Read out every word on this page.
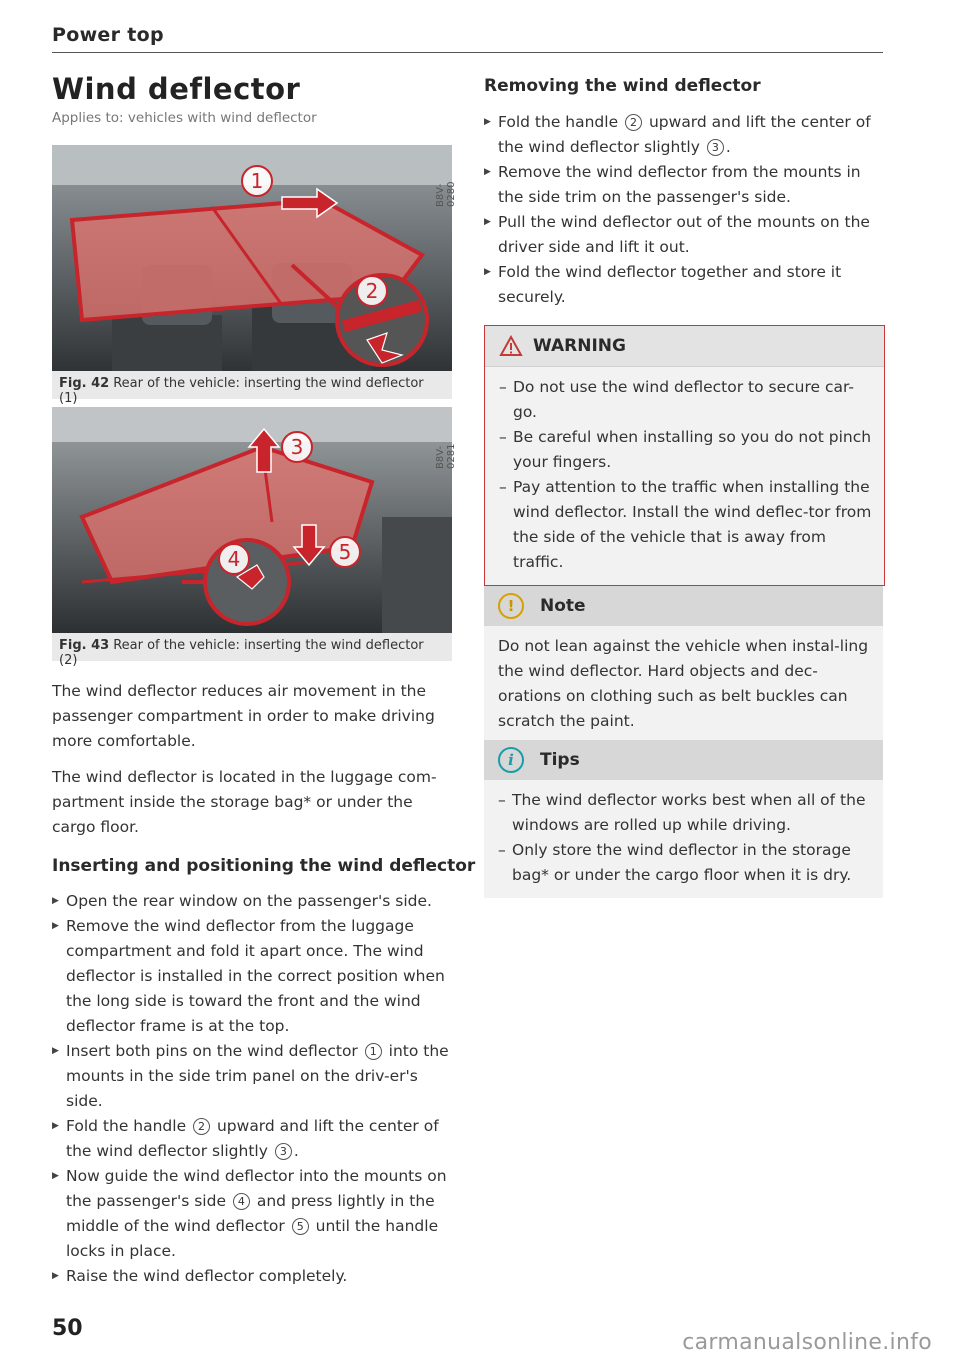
Power top
Wind deflector
Applies to: vehicles with wind deflector
1
2
B8V-0280
Fig. 42 Rear of the vehicle: inserting the wind deflector (1)
3
5
4
B8V-0281
Fig. 43 Rear of the vehicle: inserting the wind deflector (2)
The wind deflector reduces air movement in the passenger compartment in order to make driving more comfortable.
The wind deflector is located in the luggage com-partment inside the storage bag* or under the cargo floor.
Inserting and positioning the wind deflector
▶ Open the rear window on the passenger's side.
▶ Remove the wind deflector from the luggage compartment and fold it apart once. The wind deflector is installed in the correct position when the long side is toward the front and the wind deflector frame is at the top.
▶ Insert both pins on the wind deflector 1 into the mounts in the side trim panel on the driv-er's side.
▶ Fold the handle 2 upward and lift the center of the wind deflector slightly 3 .
▶ Now guide the wind deflector into the mounts on the passenger's side 4 and press lightly in the middle of the wind deflector 5 until the handle locks in place.
▶ Raise the wind deflector completely.
Removing the wind deflector
▶ Fold the handle 2 upward and lift the center of the wind deflector slightly 3 .
▶ Remove the wind deflector from the mounts in the side trim on the passenger's side.
▶ Pull the wind deflector out of the mounts on the driver side and lift it out.
▶ Fold the wind deflector together and store it securely.
WARNING
– Do not use the wind deflector to secure car-go.
– Be careful when installing so you do not pinch your fingers.
– Pay attention to the traffic when installing the wind deflector. Install the wind deflec-tor from the side of the vehicle that is away from traffic.
!	Note
Do not lean against the vehicle when instal-ling the wind deflector. Hard objects and dec-orations on clothing such as belt buckles can scratch the paint.
i	Tips
– The wind deflector works best when all of the windows are rolled up while driving.
– Only store the wind deflector in the storage bag* or under the cargo floor when it is dry.
50
carmanualsonline.info
